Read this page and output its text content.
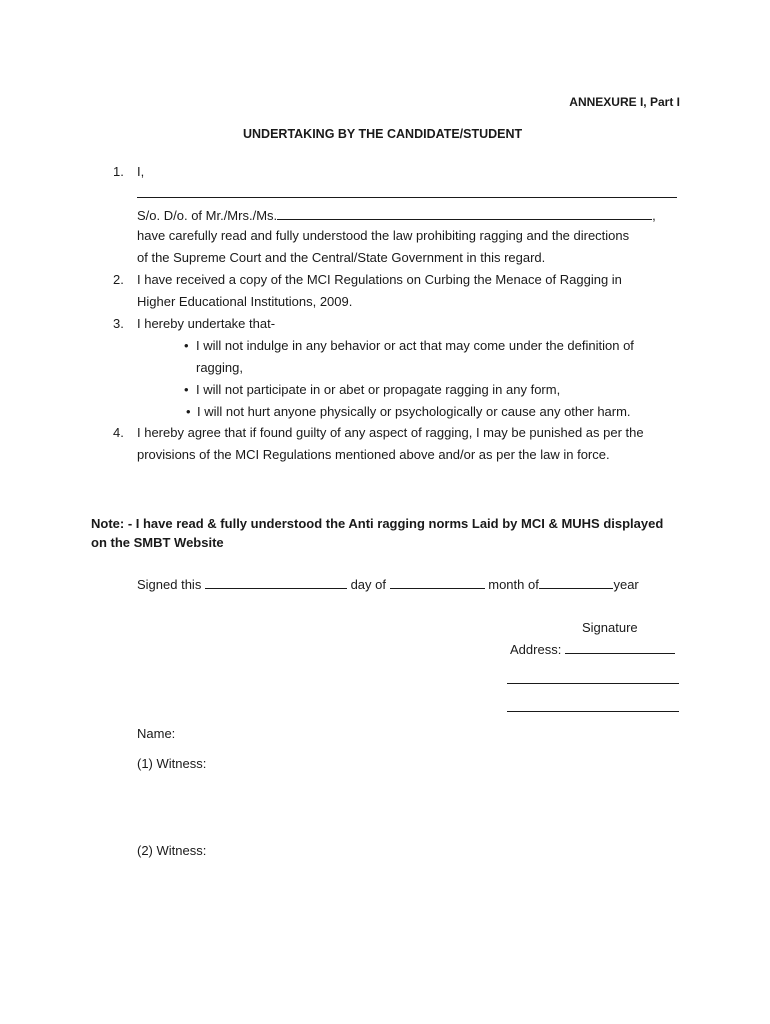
ANNEXURE I, Part I
UNDERTAKING BY THE CANDIDATE/STUDENT
1. I,
S/o. D/o. of Mr./Mrs./Ms.	,
have carefully read and fully understood the law prohibiting ragging and the directions
of the Supreme Court and the Central/State Government in this regard.
2. I have received a copy of the MCI Regulations on Curbing the Menace of Ragging in
Higher Educational Institutions, 2009.
3. I hereby undertake that-
• I will not indulge in any behavior or act that may come under the definition of
ragging,
• I will not participate in or abet or propagate ragging in any form,
• I will not hurt anyone physically or psychologically or cause any other harm.
4. I hereby agree that if found guilty of any aspect of ragging, I may be punished as per the
provisions of the MCI Regulations mentioned above and/or as per the law in force.
Note: - I have read & fully understood the Anti ragging norms Laid by MCI & MUHS displayed
on the SMBT Website
Signed this	day of	month of	year
Signature
Address:
Name:
(1) Witness:
(2) Witness:
